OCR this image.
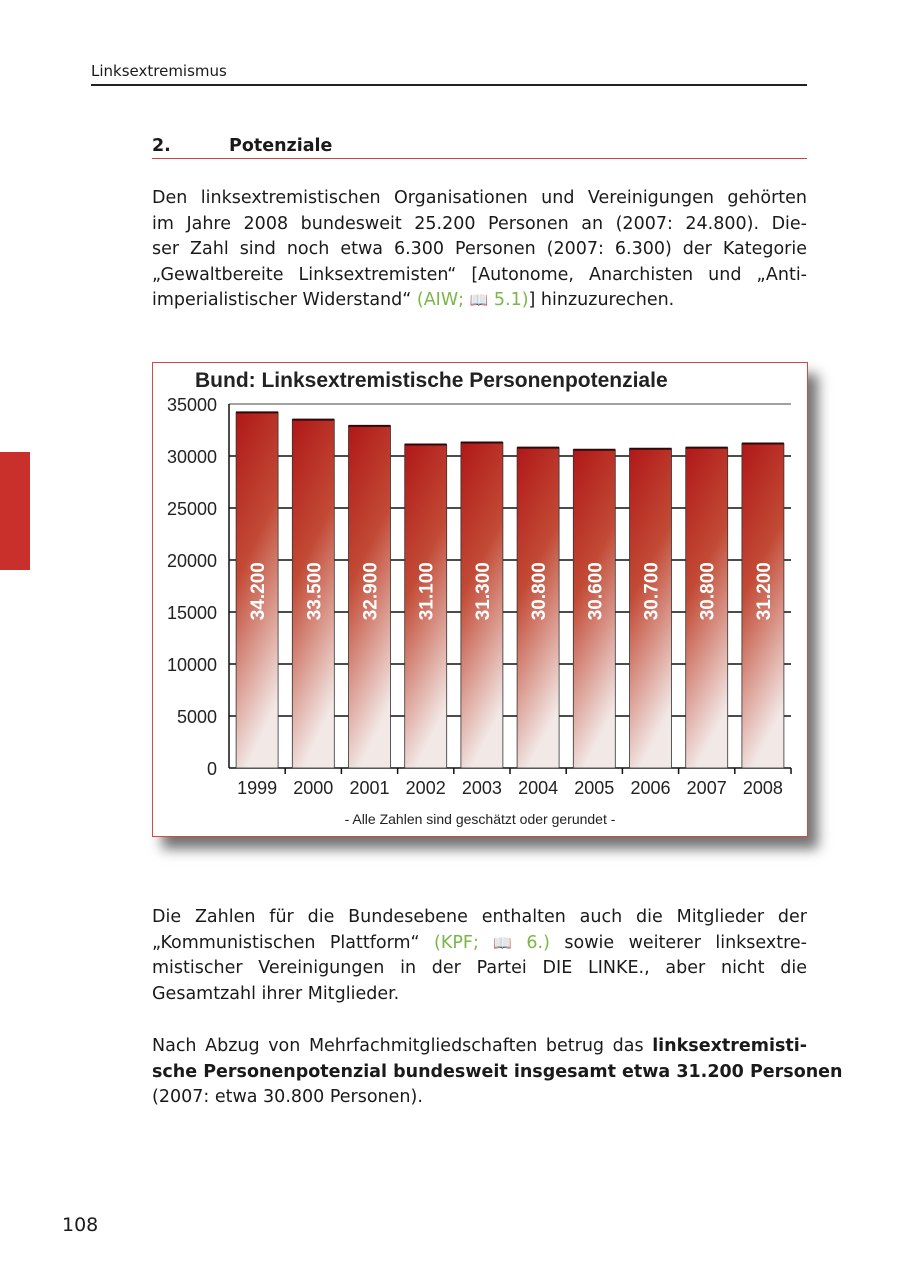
Linksextremismus
2.	Potenziale
Den linksextremistischen Organisationen und Vereinigungen gehörten
im Jahre 2008 bundesweit 25.200 Personen an (2007: 24.800). Die-
ser Zahl sind noch etwa 6.300 Personen (2007: 6.300) der Kategorie
„Gewaltbereite Linksextremisten“ [Autonome, Anarchisten und „Anti-
imperialistischer Widerstand“ (AIW; 📖 5.1)] hinzuzurechen.
Bund: Linksextremistische Personenpotenziale
0
5000
10000
15000
20000
25000
30000
35000
34.200
1999
33.500
2000
32.900
2001
31.100
2002
31.300
2003
30.800
2004
30.600
2005
30.700
2006
30.800
2007
31.200
2008
- Alle Zahlen sind geschätzt oder gerundet -
Die Zahlen für die Bundesebene enthalten auch die Mitglieder der
„Kommunistischen Plattform“ (KPF; 📖 6.) sowie weiterer linksextre-
mistischer Vereinigungen in der Partei DIE LINKE., aber nicht die
Gesamtzahl ihrer Mitglieder.
Nach Abzug von Mehrfachmitgliedschaften betrug das linksextremisti-
sche Personenpotenzial bundesweit insgesamt etwa 31.200 Personen
(2007: etwa 30.800 Personen).
108
